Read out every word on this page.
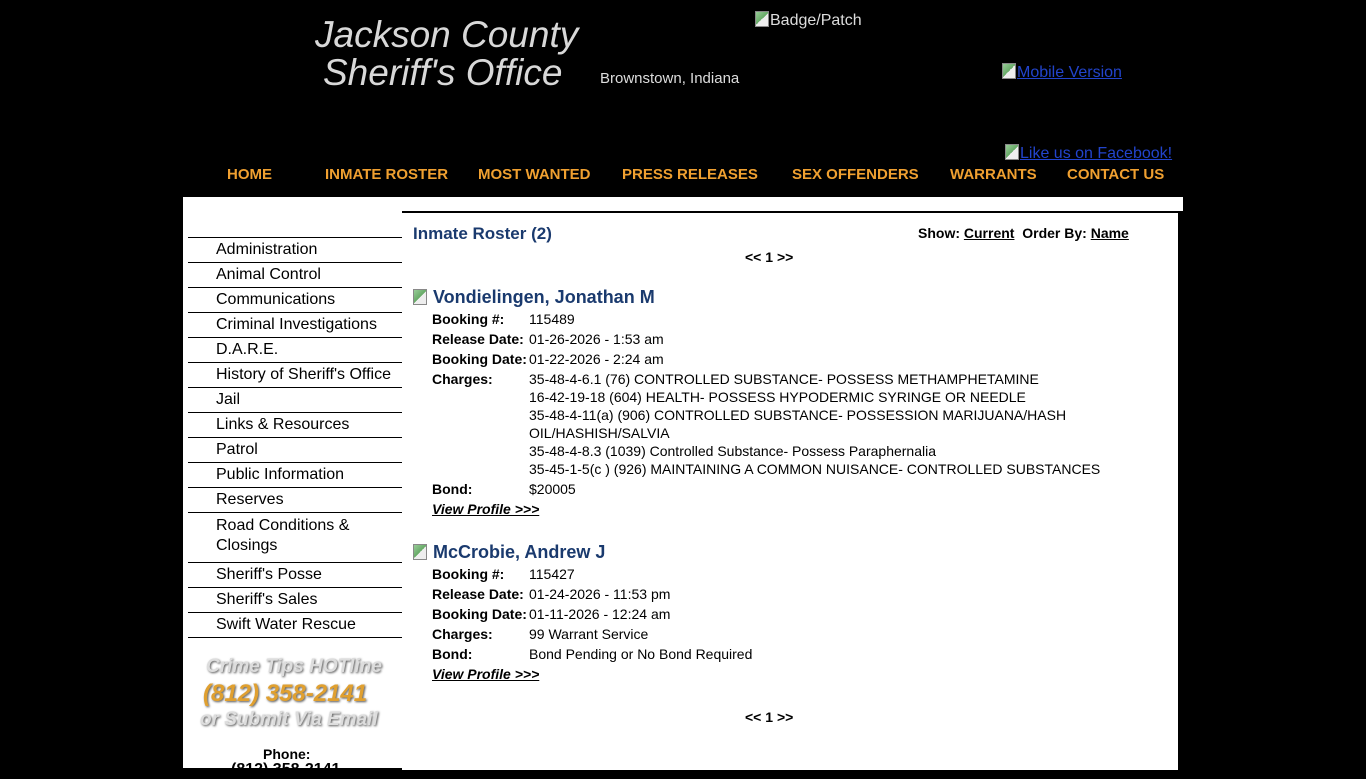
Jackson County
Sheriff's Office	Brownstown, Indiana
Badge/Patch
Mobile Version
Like us on Facebook!
HOME	INMATE ROSTER MOST WANTED PRESS RELEASES SEX OFFENDERS WARRANTS CONTACT US
Administration
Animal Control
Communications
Criminal Investigations
D.A.R.E.
History of Sheriff's Office
Jail
Links & Resources
Patrol
Public Information
Reserves
Road Conditions & Closings
Sheriff's Posse
Sheriff's Sales
Swift Water Rescue
Crime Tips HOTline
(812) 358-2141
or Submit Via Email
Phone:
(812) 358-2141
Inmate Roster (2)	Show: Current Order By: Name
<< 1 >>
Vondielingen, Jonathan M
Booking #: 115489
Release Date: 01-26-2026 - 1:53 am
Booking Date: 01-22-2026 - 2:24 am
Charges:	35-48-4-6.1 (76) CONTROLLED SUBSTANCE- POSSESS METHAMPHETAMINE
16-42-19-18 (604) HEALTH- POSSESS HYPODERMIC SYRINGE OR NEEDLE
35-48-4-11(a) (906) CONTROLLED SUBSTANCE- POSSESSION MARIJUANA/HASH
OIL/HASHISH/SALVIA
35-48-4-8.3 (1039) Controlled Substance- Possess Paraphernalia
35-45-1-5(c ) (926) MAINTAINING A COMMON NUISANCE- CONTROLLED SUBSTANCES
Bond:	$20005
View Profile >>>
McCrobie, Andrew J
Booking #: 115427
Release Date: 01-24-2026 - 11:53 pm
Booking Date: 01-11-2026 - 12:24 am
Charges:	99 Warrant Service
Bond:	Bond Pending or No Bond Required
View Profile >>>
<< 1 >>
